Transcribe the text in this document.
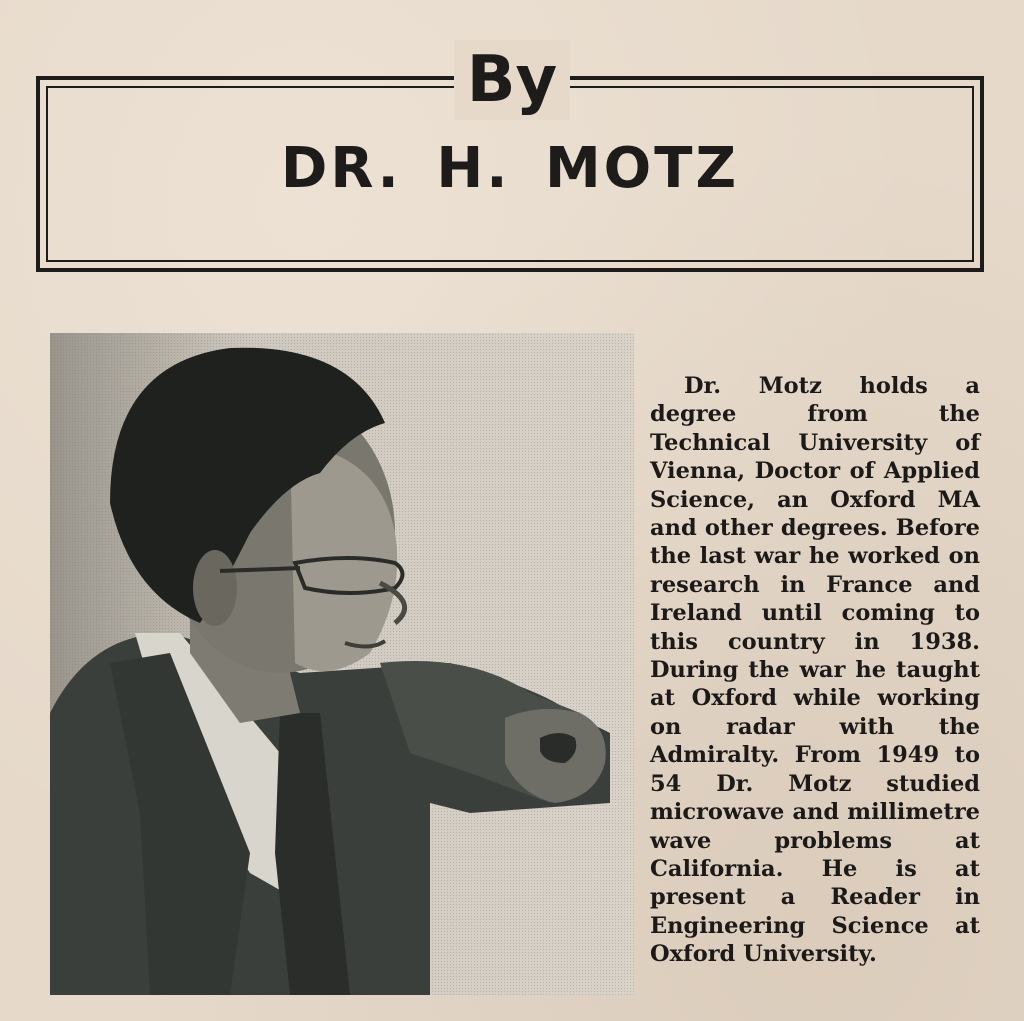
By
DR. H. MOTZ
Dr. Motz holds a degree from the Technical University of Vienna, Doctor of Applied Science, an Oxford MA and other degrees. Before the last war he worked on research in France and Ireland until coming to this country in 1938. During the war he taught at Oxford while working on radar with the Admiralty. From 1949 to 54 Dr. Motz studied microwave and millimetre wave problems at California. He is at present a Reader in Engineering Science at Oxford University.
